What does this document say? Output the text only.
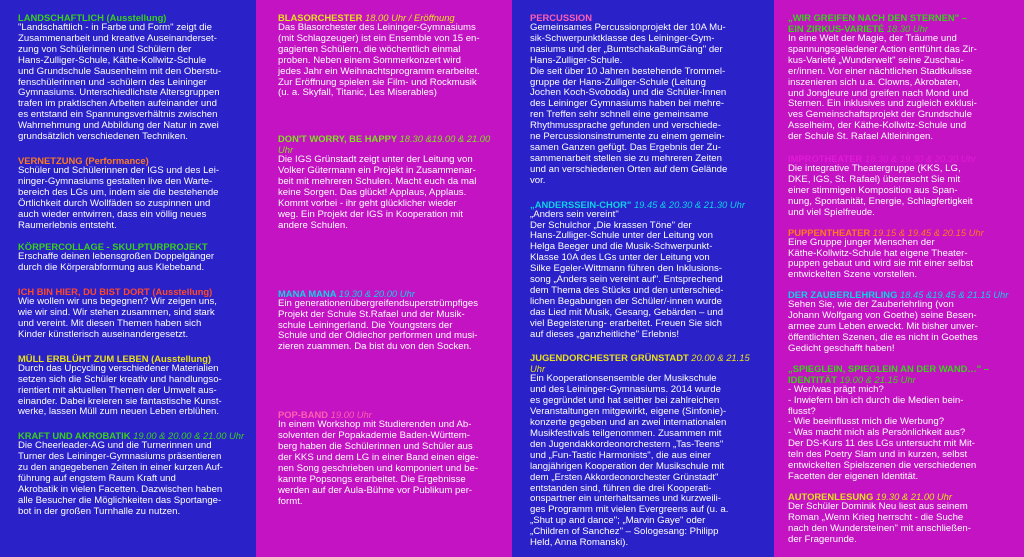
LANDSCHAFTLICH (Ausstellung)

"Landschaftlich - in Farbe und Form" zeigt die
Zusammenarbeit und kreative Auseinanderset-
zung von Schülerinnen und Schülern der
Hans-Zulliger-Schule, Käthe-Kollwitz-Schule
und Grundschule Sausenheim mit den Oberstu-
fenschülerinnen und -schülern des Leininger
Gymnasiums. Unterschiedlichste Altersgruppen
trafen im praktischen Arbeiten aufeinander und
es entstand ein Spannungsverhältnis zwischen
Wahrnehmung und Abbildung der Natur in zwei
grundsätzlich verschiedenen Techniken.

VERNETZUNG (Performance)

Schüler und Schülerinnen der IGS und des Lei-
ninger-Gymnasiums gestalten live den Warte-
bereich des LGs um, indem sie die bestehende
Örtlichkeit durch Wollfäden so zuspinnen und
auch wieder entwirren, dass ein völlig neues
Raumerlebnis entsteht.

KÖRPERCOLLAGE - SKULPTURPROJEKT

Erschaffe deinen lebensgroßen Doppelgänger
durch die Körperabformung aus Klebeband.

ICH BIN HIER, DU BIST DORT (Ausstellung)

Wie wollen wir uns begegnen? Wir zeigen uns,
wie wir sind. Wir stehen zusammen, sind stark
und vereint. Mit diesen Themen haben sich
Kinder künstlerisch auseinandergesetzt.

MÜLL ERBLÜHT ZUM LEBEN (Ausstellung)

Durch das Upcycling verschiedener Materialien
setzen sich die Schüler kreativ und handlungso-
rientiert mit aktuellen Themen der Umwelt aus-
einander. Dabei kreieren sie fantastische Kunst-
werke, lassen Müll zum neuen Leben erblühen.

KRAFT UND AKROBATIK 19.00 & 20.00 & 21.00 Uhr

Die Cheerleader-AG und die Turnerinnen und
Turner des Leininger-Gymnasiums präsentieren
zu den angegebenen Zeiten in einer kurzen Auf-
führung auf engstem Raum Kraft und
Akrobatik in vielen Facetten. Dazwischen haben
alle Besucher die Möglichkeiten das Sportange-
bot in der großen Turnhalle zu nutzen.

BLASORCHESTER 18.00 Uhr / Eröffnung

Das Blasorchester des Leininger-Gymnasiums
(mit Schlagzeuger) ist ein Ensemble von 15 en-
gagierten Schülern, die wöchentlich einmal
proben. Neben einem Sommerkonzert wird
jedes Jahr ein Weihnachtsprogramm erarbeitet.
Zur Eröffnung spielen sie Film- und Rockmusik
(u. a. Skyfall, Titanic, Les Miserables)

DON'T WORRY, BE HAPPY 18.30 &19.00 & 21.00 Uhr

Die IGS Grünstadt zeigt unter der Leitung von
Volker Gütermann ein Projekt in Zusammenar-
beit mit mehreren Schulen. Macht euch da mal
keine Sorgen. Das glückt! Applaus, Applaus.
Kommt vorbei - ihr geht glücklicher wieder
weg. Ein Projekt der IGS in Kooperation mit
andere Schulen.

MANA MANA 19.30 & 20.00 Uhr

Ein generationenübergreifendsuperstrümpfiges
Projekt der Schule St.Rafael und der Musik-
schule Leiningerland. Die Youngsters der
Schule und der Oldiechor performen und musi-
zieren zuammen. Da bist du von den Socken.

POP-BAND 19.00 Uhr

In einem Workshop mit Studierenden und Ab-
solventen der Popakademie Baden-Württem-
berg haben die Schülerinnen und Schüler aus
der KKS und dem LG in einer Band einen eige-
nen Song geschrieben und komponiert und be-
kannte Popsongs erarbeitet. Die Ergebnisse
werden auf der Aula-Bühne vor Publikum per-
formt.

PERCUSSION

Gemeinsames Percussionprojekt der 10A Mu-
sik-Schwerpunktklasse des Leininger-Gym-
nasiums und der „BumtschakaBumGäng" der
Hans-Zulliger-Schule.
Die seit über 10 Jahren bestehende Trommel-
gruppe der Hans-Zulliger-Schule (Leitung
Jochen Koch-Svoboda) und die Schüler-Innen
des Leininger Gymnasiums haben bei mehre-
ren Treffen sehr schnell eine gemeinsame
Rhythmussprache gefunden und verschiede-
ne Percussionsinstrumente zu einem gemein-
samen Ganzen gefügt. Das Ergebnis der Zu-
sammenarbeit stellen sie zu mehreren Zeiten
und an verschiedenen Orten auf dem Gelände
vor.

„ANDERSSEIN-CHOR" 19.45 & 20.30 & 21.30 Uhr

„Anders sein vereint"
Der Schulchor „Die krassen Töne" der
Hans-Zulliger-Schule unter der Leitung von
Helga Beeger und die Musik-Schwerpunkt-
Klasse 10A des LGs unter der Leitung von
Silke Egeler-Wittmann führen den Inklusions-
song „Anders sein vereint auf". Entsprechend
dem Thema des Stücks und den unterschied-
lichen Begabungen der Schüler/-innen wurde
das Lied mit Musik, Gesang, Gebärden – und
viel Begeisterung- erarbeitet. Freuen Sie sich
auf dieses „ganzheitliche" Erlebnis!

JUGENDORCHESTER GRÜNSTADT 20.00 & 21.15 Uhr

Ein Kooperationsensemble der Musikschule
und des Leininger-Gymnasiums. 2014 wurde
es gegründet und hat seither bei zahlreichen
Veranstaltungen mitgewirkt, eigene (Sinfonie)-
konzerte gegeben und an zwei internationalen
Musikfestivals teilgenommen. Zusammen mit
den Jugendakkordeonorchestern „Tas-Teens"
und „Fun-Tastic Harmonists", die aus einer
langjährigen Kooperation der Musikschule mit
dem „Ersten Akkordeonorchester Grünstadt"
entstanden sind, führen die drei Kooperati-
onspartner ein unterhaltsames und kurzweili-
ges Programm mit vielen Evergreens auf (u. a.
„Shut up and dance"; „Marvin Gaye" oder
„Children of Sanchez" – Sologesang: Philipp
Held, Anna Romanski).

„WIR GREIFEN NACH DEN STERNEN" –
EIN ZIRKUS-VARIETÉ 18.30 Uhr

In eine Welt der Magie, der Träume und
spannungsgeladener Action entführt das Zir-
kus-Varieté „Wunderwelt" seine Zuschau-
er/innen. Vor einer nächtlichen Stadtkulisse
inszenieren sich u.a. Clowns, Akrobaten,
und Jongleure und greifen nach Mond und
Sternen. Ein inklusives und zugleich exklusi-
ves Gemeinschaftsprojekt der Grundschule
Asselheim, der Käthe-Kollwitz-Schule und
der Schule St. Rafael Altleiningen.

IMPROTHEATER 18.30 & 19.30 & 20.30 Uhr

Die integrative Theatergruppe (KKS, LG,
DKE, IGS, St. Rafael) überrascht Sie mit
einer stimmigen Komposition aus Span-
nung, Spontanität, Energie, Schlagfertigkeit
und viel Spielfreude.

PUPPENTHEATER 19.15 & 19.45 & 20.15 Uhr

Eine Gruppe junger Menschen der
Käthe-Kollwitz-Schule hat eigene Theater-
puppen gebaut und wird sie mit einer selbst
entwickelten Szene vorstellen.

DER ZAUBERLEHRLING 18.45 &19.45 & 21.15 Uhr

Sehen Sie, wie der Zauberlehrling (von
Johann Wolfgang von Goethe) seine Besen-
armee zum Leben erweckt. Mit bisher unver-
öffentlichten Szenen, die es nicht in Goethes
Gedicht geschafft haben!

„SPIEGLEIN, SPIEGLEIN AN DER WAND…" – IDENTITÄT 19.00 & 21.15 Uhr

- Wer/was prägt mich?
- Inwiefern bin ich durch die Medien bein-
flusst?
- Wie beeinflusst mich die Werbung?
- Was macht mich als Persönlichkeit aus?
Der DS-Kurs 11 des LGs untersucht mit Mit-
teln des Poetry Slam und in kurzen, selbst
entwickelten Spielszenen die verschiedenen
Facetten der eigenen Identität.

AUTORENLESUNG 19.30 & 21.00 Uhr

Der Schüler Dominik Neu liest aus seinem
Roman „Wenn Krieg herrscht - die Suche
nach den Wundersteinen" mit anschließen-
der Fragerunde.
